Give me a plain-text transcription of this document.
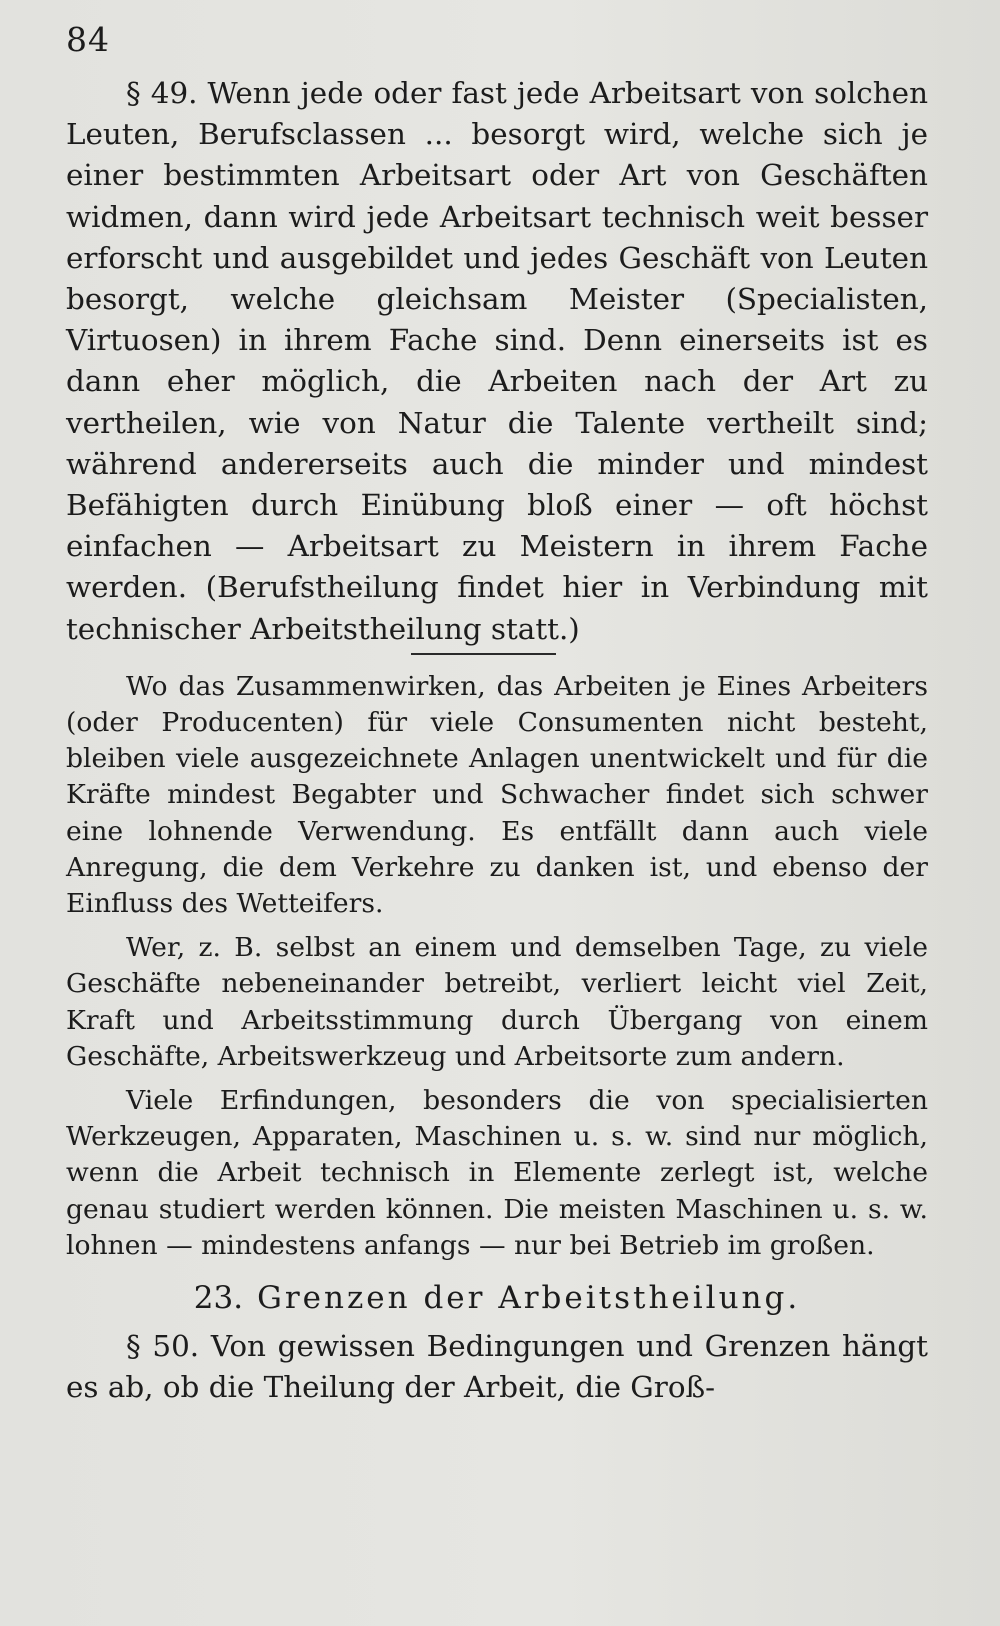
84

§ 49. Wenn jede oder fast jede Arbeitsart von solchen Leuten, Berufsclassen ... besorgt wird, welche sich je einer bestimmten Arbeitsart oder Art von Geschäften widmen, dann wird jede Arbeitsart technisch weit besser erforscht und ausgebildet und jedes Geschäft von Leuten besorgt, welche gleichsam Meister (Specialisten, Virtuosen) in ihrem Fache sind. Denn einerseits ist es dann eher möglich, die Arbeiten nach der Art zu vertheilen, wie von Natur die Talente vertheilt sind; während andererseits auch die minder und mindest Befähigten durch Einübung bloß einer — oft höchst einfachen — Arbeitsart zu Meistern in ihrem Fache werden. (Berufstheilung findet hier in Verbindung mit technischer Arbeitstheilung statt.)

Wo das Zusammenwirken, das Arbeiten je Eines Arbeiters (oder Producenten) für viele Consumenten nicht besteht, bleiben viele ausgezeichnete Anlagen unentwickelt und für die Kräfte mindest Begabter und Schwacher findet sich schwer eine lohnende Verwendung. Es entfällt dann auch viele Anregung, die dem Verkehre zu danken ist, und ebenso der Einfluss des Wetteifers.

Wer, z. B. selbst an einem und demselben Tage, zu viele Geschäfte nebeneinander betreibt, verliert leicht viel Zeit, Kraft und Arbeitsstimmung durch Übergang von einem Geschäfte, Arbeitswerkzeug und Arbeitsorte zum andern.

Viele Erfindungen, besonders die von specialisierten Werkzeugen, Apparaten, Maschinen u. s. w. sind nur möglich, wenn die Arbeit technisch in Elemente zerlegt ist, welche genau studiert werden können. Die meisten Maschinen u. s. w. lohnen — mindestens anfangs — nur bei Betrieb im großen.

23. Grenzen der Arbeitstheilung.

§ 50. Von gewissen Bedingungen und Grenzen hängt es ab, ob die Theilung der Arbeit, die Groß-
